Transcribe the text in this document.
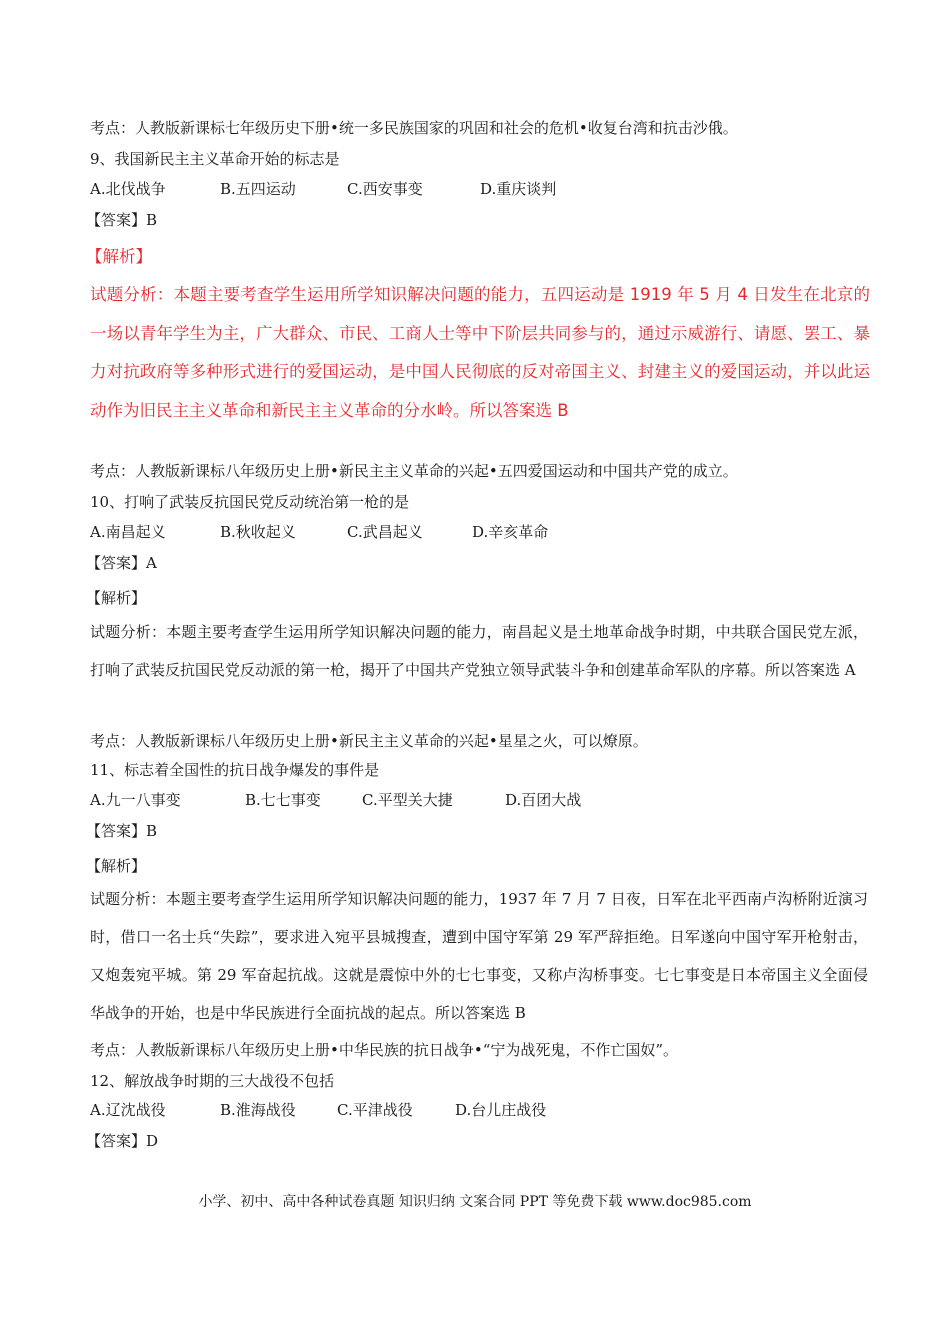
考点：人教版新课标七年级历史下册•统一多民族国家的巩固和社会的危机•收复台湾和抗击沙俄。
9、我国新民主主义革命开始的标志是
A.北伐战争	B.五四运动	C.西安事变	D.重庆谈判
【答案】B
【解析】
试题分析：本题主要考查学生运用所学知识解决问题的能力，五四运动是 1919 年 5 月 4 日发生在北京的一场以青年学生为主，广大群众、市民、工商人士等中下阶层共同参与的，通过示威游行、请愿、罢工、暴力对抗政府等多种形式进行的爱国运动，是中国人民彻底的反对帝国主义、封建主义的爱国运动，并以此运动作为旧民主主义革命和新民主主义革命的分水岭。所以答案选 B
考点：人教版新课标八年级历史上册•新民主主义革命的兴起•五四爱国运动和中国共产党的成立。
10、打响了武装反抗国民党反动统治第一枪的是
A.南昌起义	B.秋收起义	C.武昌起义	D.辛亥革命
【答案】A
【解析】
试题分析：本题主要考查学生运用所学知识解决问题的能力，南昌起义是土地革命战争时期，中共联合国民党左派，打响了武装反抗国民党反动派的第一枪，揭开了中国共产党独立领导武装斗争和创建革命军队的序幕。所以答案选 A
考点：人教版新课标八年级历史上册•新民主主义革命的兴起•星星之火，可以燎原。
11、标志着全国性的抗日战争爆发的事件是
A.九一八事变	B.七七事变	C.平型关大捷	D.百团大战
【答案】B
【解析】
试题分析：本题主要考查学生运用所学知识解决问题的能力，1937 年 7 月 7 日夜，日军在北平西南卢沟桥附近演习时，借口一名士兵“失踪”，要求进入宛平县城搜查，遭到中国守军第 29 军严辞拒绝。日军遂向中国守军开枪射击，又炮轰宛平城。第 29 军奋起抗战。这就是震惊中外的七七事变，又称卢沟桥事变。七七事变是日本帝国主义全面侵华战争的开始，也是中华民族进行全面抗战的起点。所以答案选 B
考点：人教版新课标八年级历史上册•中华民族的抗日战争•“宁为战死鬼，不作亡国奴”。
12、解放战争时期的三大战役不包括
A.辽沈战役	B.淮海战役	C.平津战役	D.台儿庄战役
【答案】D
小学、初中、高中各种试卷真题 知识归纳 文案合同 PPT 等免费下载 www.doc985.com
